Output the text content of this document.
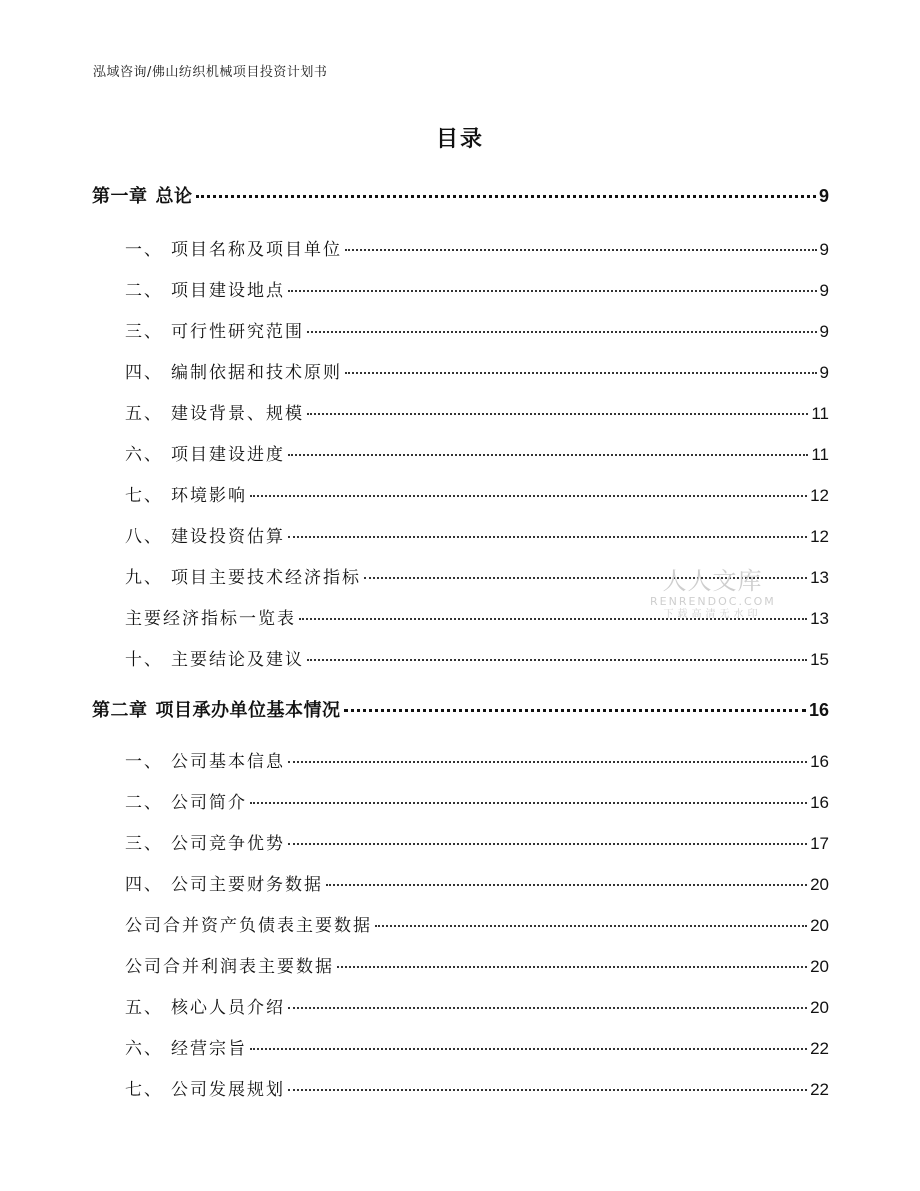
泓域咨询/佛山纺织机械项目投资计划书
目录
第一章 总论	9
一、 项目名称及项目单位	9
二、 项目建设地点	9
三、 可行性研究范围	9
四、 编制依据和技术原则	9
五、 建设背景、规模	11
六、 项目建设进度	11
七、 环境影响	12
八、 建设投资估算	12
九、 项目主要技术经济指标	13
主要经济指标一览表	13
十、 主要结论及建议	15
第二章 项目承办单位基本情况	16
一、 公司基本信息	16
二、 公司简介	16
三、 公司竞争优势	17
四、 公司主要财务数据	20
公司合并资产负债表主要数据	20
公司合并利润表主要数据	20
五、 核心人员介绍	20
六、 经营宗旨	22
七、 公司发展规划	22
人人文库
RENRENDOC.COM
下载高清无水印
